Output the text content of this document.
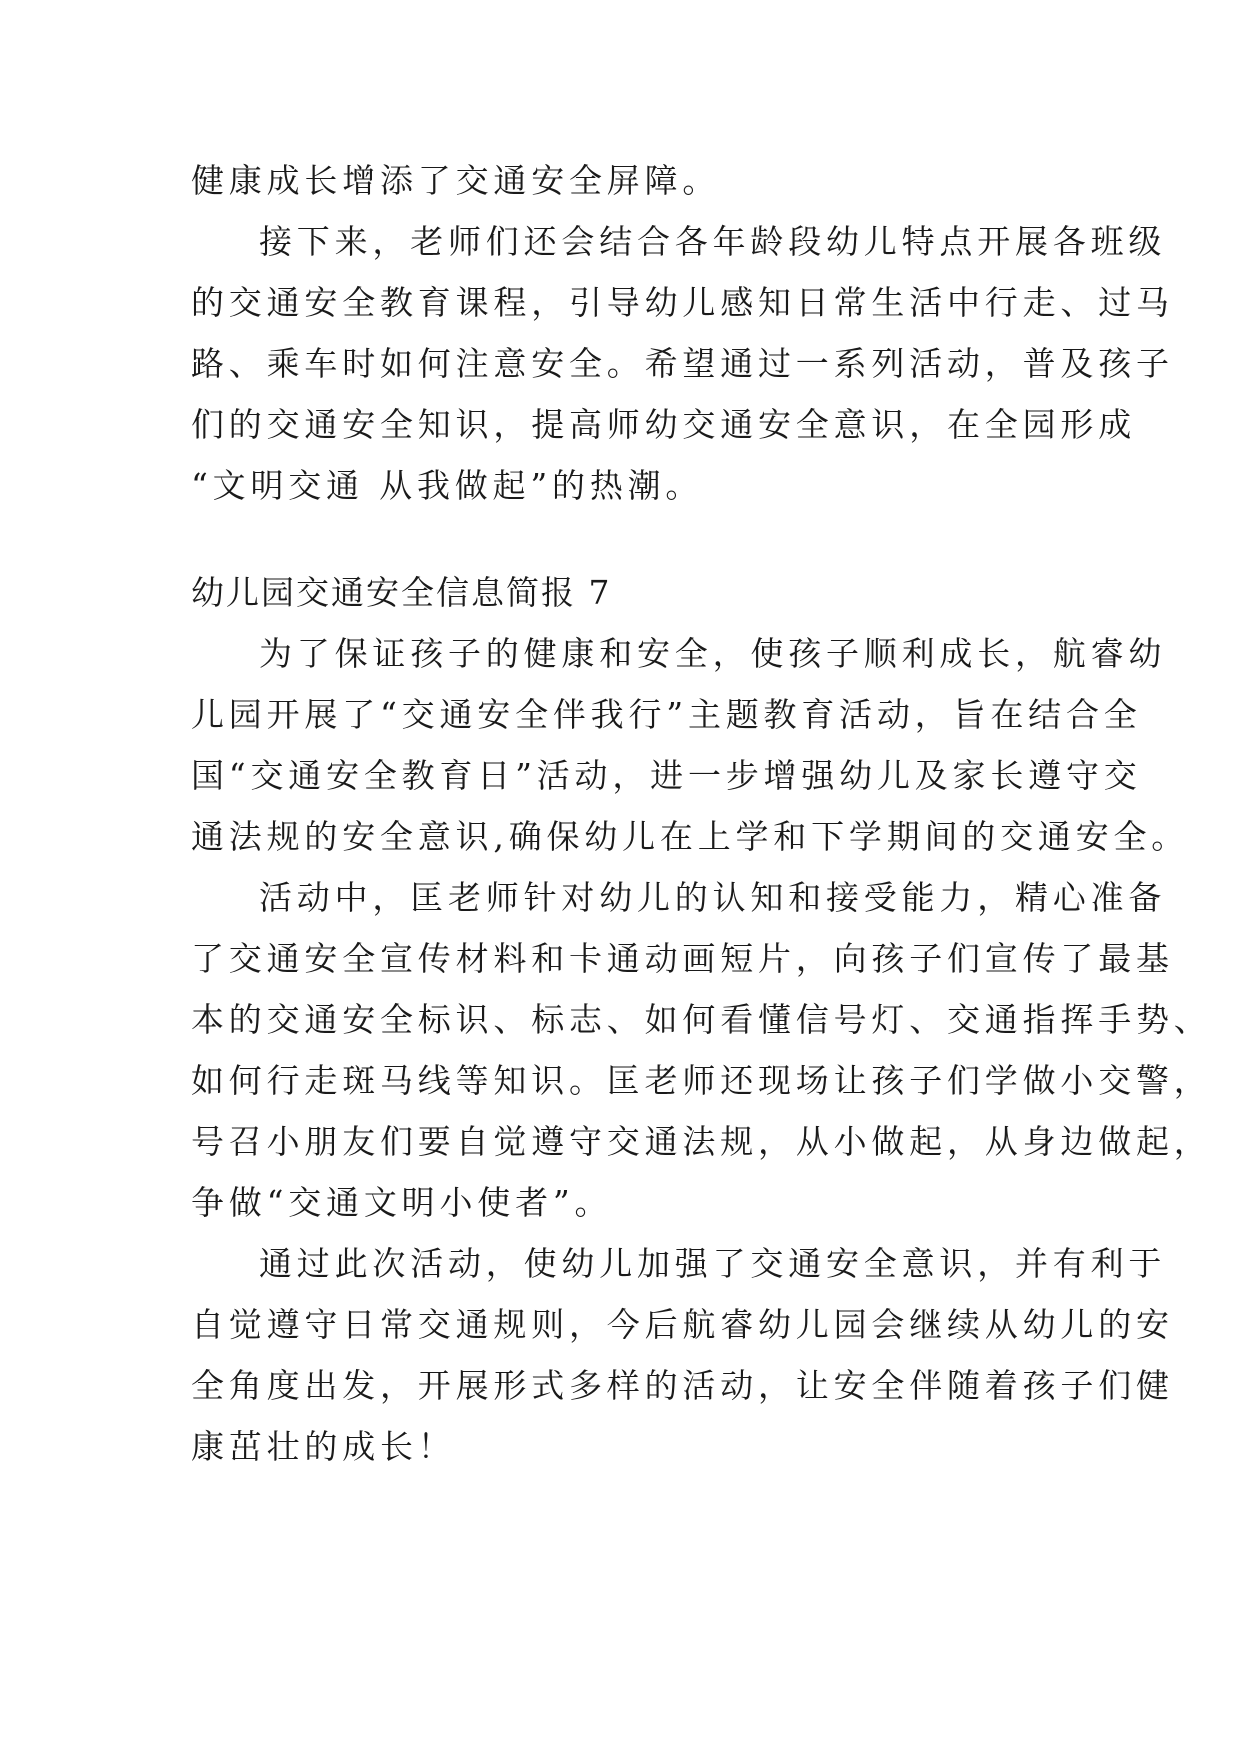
健康成长增添了交通安全屏障。
接下来，老师们还会结合各年龄段幼儿特点开展各班级
的交通安全教育课程，引导幼儿感知日常生活中行走、过马
路、乘车时如何注意安全。希望通过一系列活动，普及孩子
们的交通安全知识，提高师幼交通安全意识，在全园形成
“文明交通 从我做起”的热潮。
幼儿园交通安全信息简报 7
为了保证孩子的健康和安全，使孩子顺利成长，航睿幼
儿园开展了“交通安全伴我行”主题教育活动，旨在结合全
国“交通安全教育日”活动，进一步增强幼儿及家长遵守交
通法规的安全意识,确保幼儿在上学和下学期间的交通安全。
活动中，匡老师针对幼儿的认知和接受能力，精心准备
了交通安全宣传材料和卡通动画短片，向孩子们宣传了最基
本的交通安全标识、标志、如何看懂信号灯、交通指挥手势、
如何行走斑马线等知识。匡老师还现场让孩子们学做小交警，
号召小朋友们要自觉遵守交通法规，从小做起，从身边做起，
争做“交通文明小使者”。
通过此次活动，使幼儿加强了交通安全意识，并有利于
自觉遵守日常交通规则，今后航睿幼儿园会继续从幼儿的安
全角度出发，开展形式多样的活动，让安全伴随着孩子们健
康茁壮的成长！
